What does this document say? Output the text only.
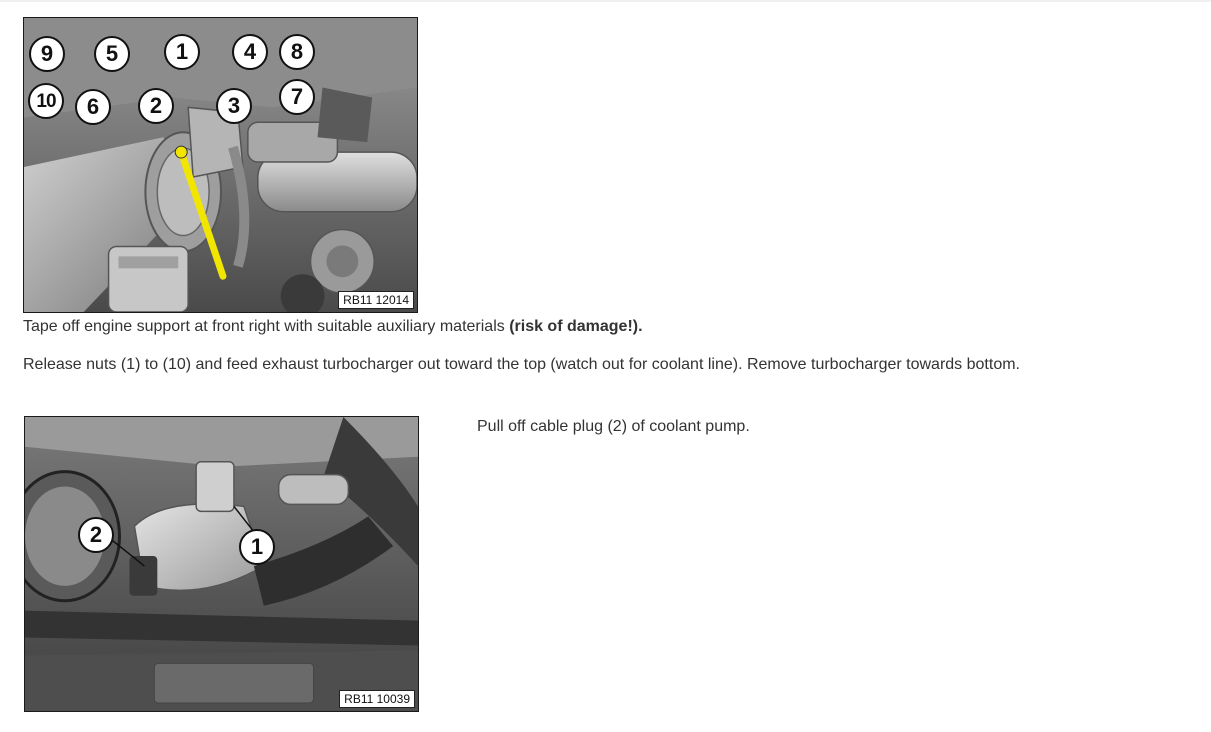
9	5	1	4	8
10	6	2	3	7
RB11 12014

Tape off engine support at front right with suitable auxiliary materials (risk of damage!).

Release nuts (1) to (10) and feed exhaust turbocharger out toward the top (watch out for coolant line). Remove turbocharger towards bottom.

2	1
RB11 10039

Pull off cable plug (2) of coolant pump.
